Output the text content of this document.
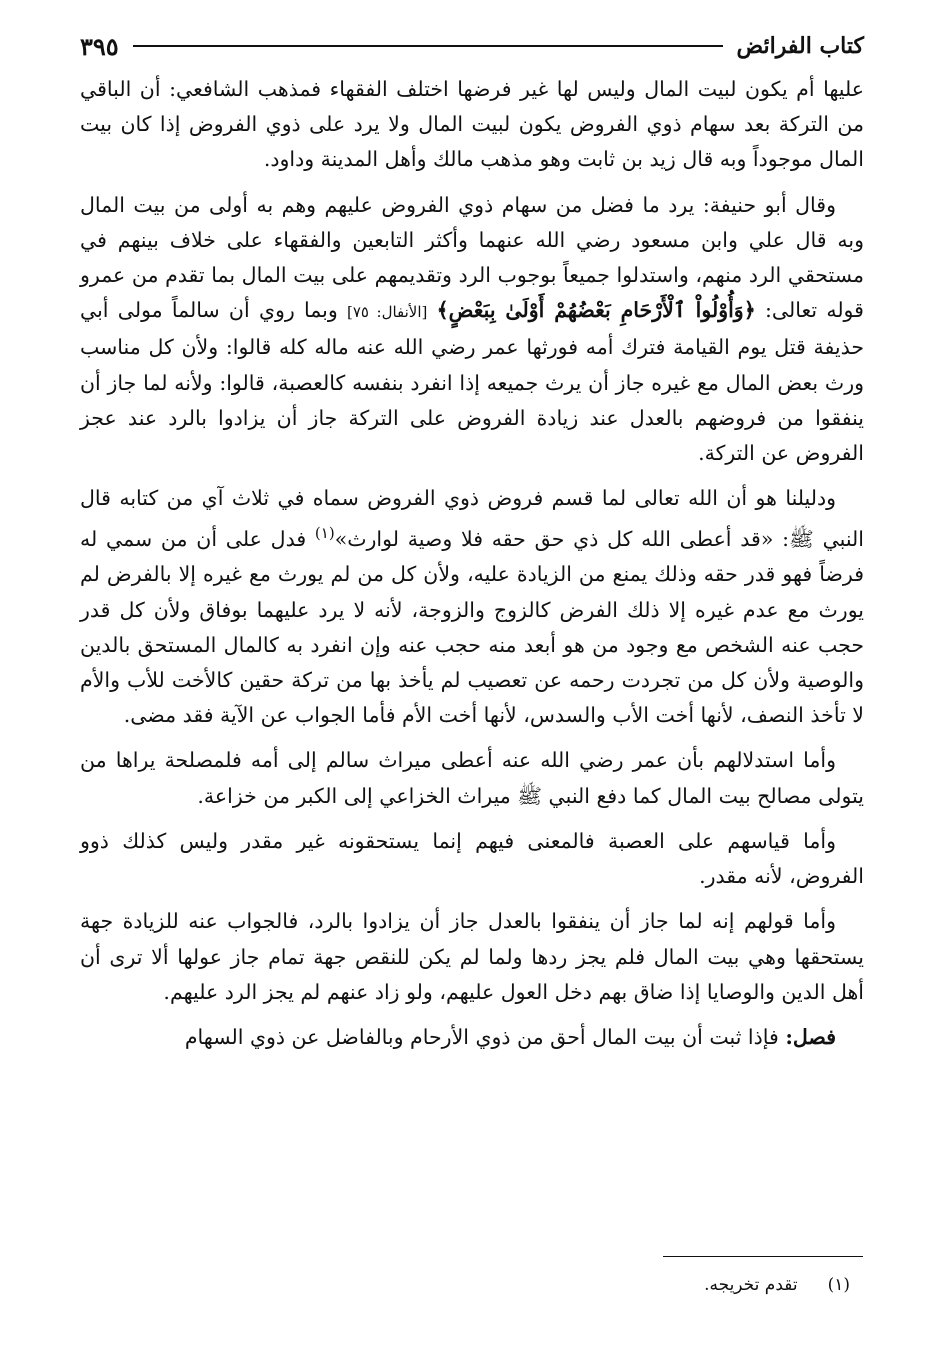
كتاب الفرائض
٣٩٥

عليها أم يكون لبيت المال وليس لها غير فرضها اختلف الفقهاء فمذهب الشافعي: أن الباقي من التركة بعد سهام ذوي الفروض يكون لبيت المال ولا يرد على ذوي الفروض إذا كان بيت المال موجوداً وبه قال زيد بن ثابت وهو مذهب مالك وأهل المدينة وداود.

وقال أبو حنيفة: يرد ما فضل من سهام ذوي الفروض عليهم وهم به أولى من بيت المال وبه قال علي وابن مسعود رضي الله عنهما وأكثر التابعين والفقهاء على خلاف بينهم في مستحقي الرد منهم، واستدلوا جميعاً بوجوب الرد وتقديمهم على بيت المال بما تقدم من عمرو قوله تعالى: ﴿وَأُوْلُواْ ٱلْأَرْحَامِ بَعْضُهُمْ أَوْلَىٰ بِبَعْضٍ﴾ [الأنفال: ٧٥] وبما روي أن سالماً مولى أبي حذيفة قتل يوم القيامة فترك أمه فورثها عمر رضي الله عنه ماله كله قالوا: ولأن كل مناسب ورث بعض المال مع غيره جاز أن يرث جميعه إذا انفرد بنفسه كالعصبة، قالوا: ولأنه لما جاز أن ينفقوا من فروضهم بالعدل عند زيادة الفروض على التركة جاز أن يزادوا بالرد عند عجز الفروض عن التركة.

ودليلنا هو أن الله تعالى لما قسم فروض ذوي الفروض سماه في ثلاث آي من كتابه قال النبي ﷺ: «قد أعطى الله كل ذي حق حقه فلا وصية لوارث»$^{(١)}$ فدل على أن من سمي له فرضاً فهو قدر حقه وذلك يمنع من الزيادة عليه، ولأن كل من لم يورث مع غيره إلا بالفرض لم يورث مع عدم غيره إلا ذلك الفرض كالزوج والزوجة، لأنه لا يرد عليهما بوفاق ولأن كل قدر حجب عنه الشخص مع وجود من هو أبعد منه حجب عنه وإن انفرد به كالمال المستحق بالدين والوصية ولأن كل من تجردت رحمه عن تعصيب لم يأخذ بها من تركة حقين كالأخت للأب والأم لا تأخذ النصف، لأنها أخت الأب والسدس، لأنها أخت الأم فأما الجواب عن الآية فقد مضى.

وأما استدلالهم بأن عمر رضي الله عنه أعطى ميراث سالم إلى أمه فلمصلحة يراها من يتولى مصالح بيت المال كما دفع النبي ﷺ ميراث الخزاعي إلى الكبر من خزاعة.

وأما قياسهم على العصبة فالمعنى فيهم إنما يستحقونه غير مقدر وليس كذلك ذوو الفروض، لأنه مقدر.

وأما قولهم إنه لما جاز أن ينفقوا بالعدل جاز أن يزادوا بالرد، فالجواب عنه للزيادة جهة يستحقها وهي بيت المال فلم يجز ردها ولما لم يكن للنقص جهة تمام جاز عولها ألا ترى أن أهل الدين والوصايا إذا ضاق بهم دخل العول عليهم، ولو زاد عنهم لم يجز الرد عليهم.

فصل: فإذا ثبت أن بيت المال أحق من ذوي الأرحام وبالفاضل عن ذوي السهام

(١)تقدم تخريجه.
